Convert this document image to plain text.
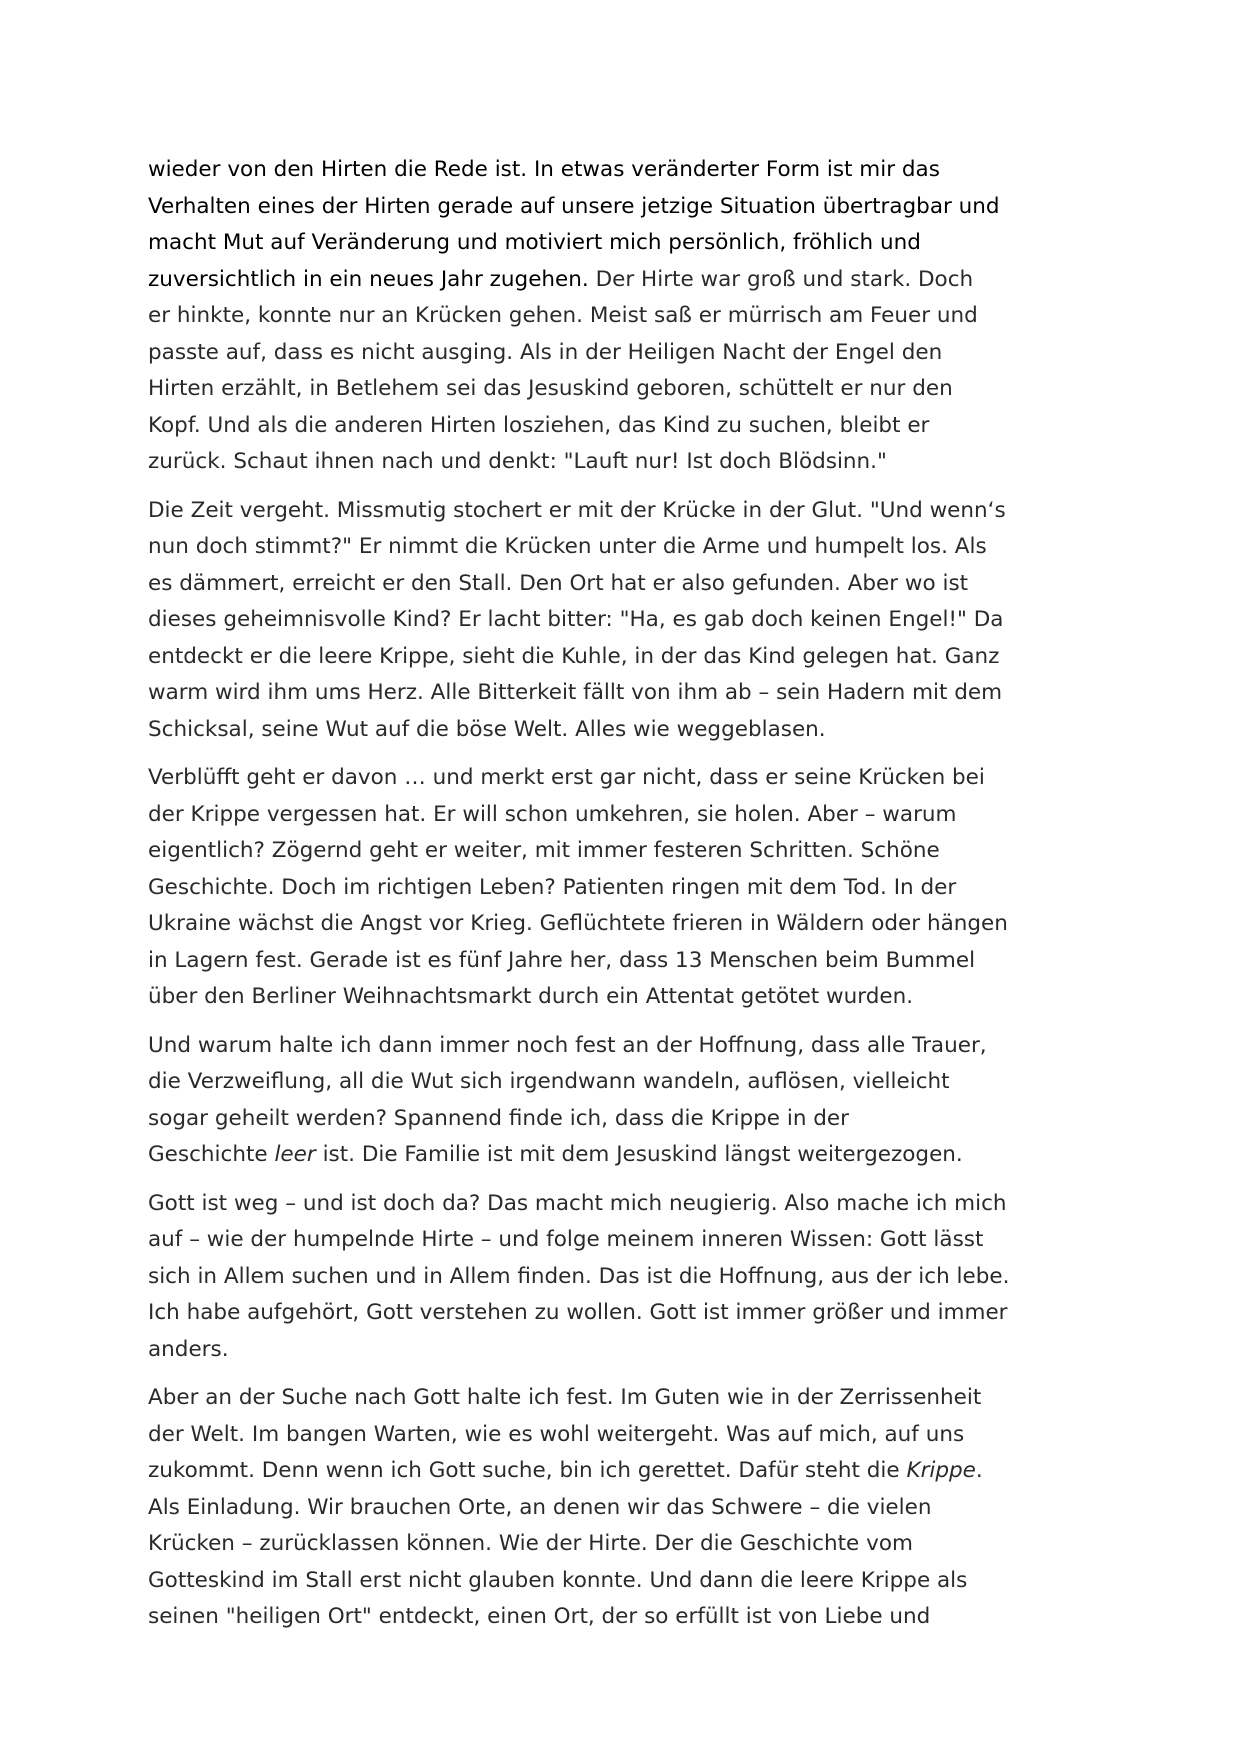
wieder von den Hirten die Rede ist. In etwas veränderter Form ist mir das
Verhalten eines der Hirten gerade auf unsere jetzige Situation übertragbar und
macht Mut auf Veränderung und motiviert mich persönlich, fröhlich und
zuversichtlich in ein neues Jahr zugehen. Der Hirte war groß und stark. Doch
er hinkte, konnte nur an Krücken gehen. Meist saß er mürrisch am Feuer und
passte auf, dass es nicht ausging. Als in der Heiligen Nacht der Engel den
Hirten erzählt, in Betlehem sei das Jesuskind geboren, schüttelt er nur den
Kopf. Und als die anderen Hirten losziehen, das Kind zu suchen, bleibt er
zurück. Schaut ihnen nach und denkt: "Lauft nur! Ist doch Blödsinn."

Die Zeit vergeht. Missmutig stochert er mit der Krücke in der Glut. "Und wenn‘s
nun doch stimmt?" Er nimmt die Krücken unter die Arme und humpelt los. Als
es dämmert, erreicht er den Stall. Den Ort hat er also gefunden. Aber wo ist
dieses geheimnisvolle Kind? Er lacht bitter: "Ha, es gab doch keinen Engel!" Da
entdeckt er die leere Krippe, sieht die Kuhle, in der das Kind gelegen hat. Ganz
warm wird ihm ums Herz. Alle Bitterkeit fällt von ihm ab – sein Hadern mit dem
Schicksal, seine Wut auf die böse Welt. Alles wie weggeblasen.

Verblüfft geht er davon … und merkt erst gar nicht, dass er seine Krücken bei
der Krippe vergessen hat. Er will schon umkehren, sie holen. Aber – warum
eigentlich? Zögernd geht er weiter, mit immer festeren Schritten. Schöne
Geschichte. Doch im richtigen Leben? Patienten ringen mit dem Tod. In der
Ukraine wächst die Angst vor Krieg. Geflüchtete frieren in Wäldern oder hängen
in Lagern fest. Gerade ist es fünf Jahre her, dass 13 Menschen beim Bummel
über den Berliner Weihnachtsmarkt durch ein Attentat getötet wurden.

Und warum halte ich dann immer noch fest an der Hoffnung, dass alle Trauer,
die Verzweiflung, all die Wut sich irgendwann wandeln, auflösen, vielleicht
sogar geheilt werden? Spannend finde ich, dass die Krippe in der
Geschichte leer ist. Die Familie ist mit dem Jesuskind längst weitergezogen.

Gott ist weg – und ist doch da? Das macht mich neugierig. Also mache ich mich
auf – wie der humpelnde Hirte – und folge meinem inneren Wissen: Gott lässt
sich in Allem suchen und in Allem finden. Das ist die Hoffnung, aus der ich lebe.
Ich habe aufgehört, Gott verstehen zu wollen. Gott ist immer größer und immer
anders.

Aber an der Suche nach Gott halte ich fest. Im Guten wie in der Zerrissenheit
der Welt. Im bangen Warten, wie es wohl weitergeht. Was auf mich, auf uns
zukommt. Denn wenn ich Gott suche, bin ich gerettet. Dafür steht die Krippe.
Als Einladung. Wir brauchen Orte, an denen wir das Schwere – die vielen
Krücken – zurücklassen können. Wie der Hirte. Der die Geschichte vom
Gotteskind im Stall erst nicht glauben konnte. Und dann die leere Krippe als
seinen "heiligen Ort" entdeckt, einen Ort, der so erfüllt ist von Liebe und
